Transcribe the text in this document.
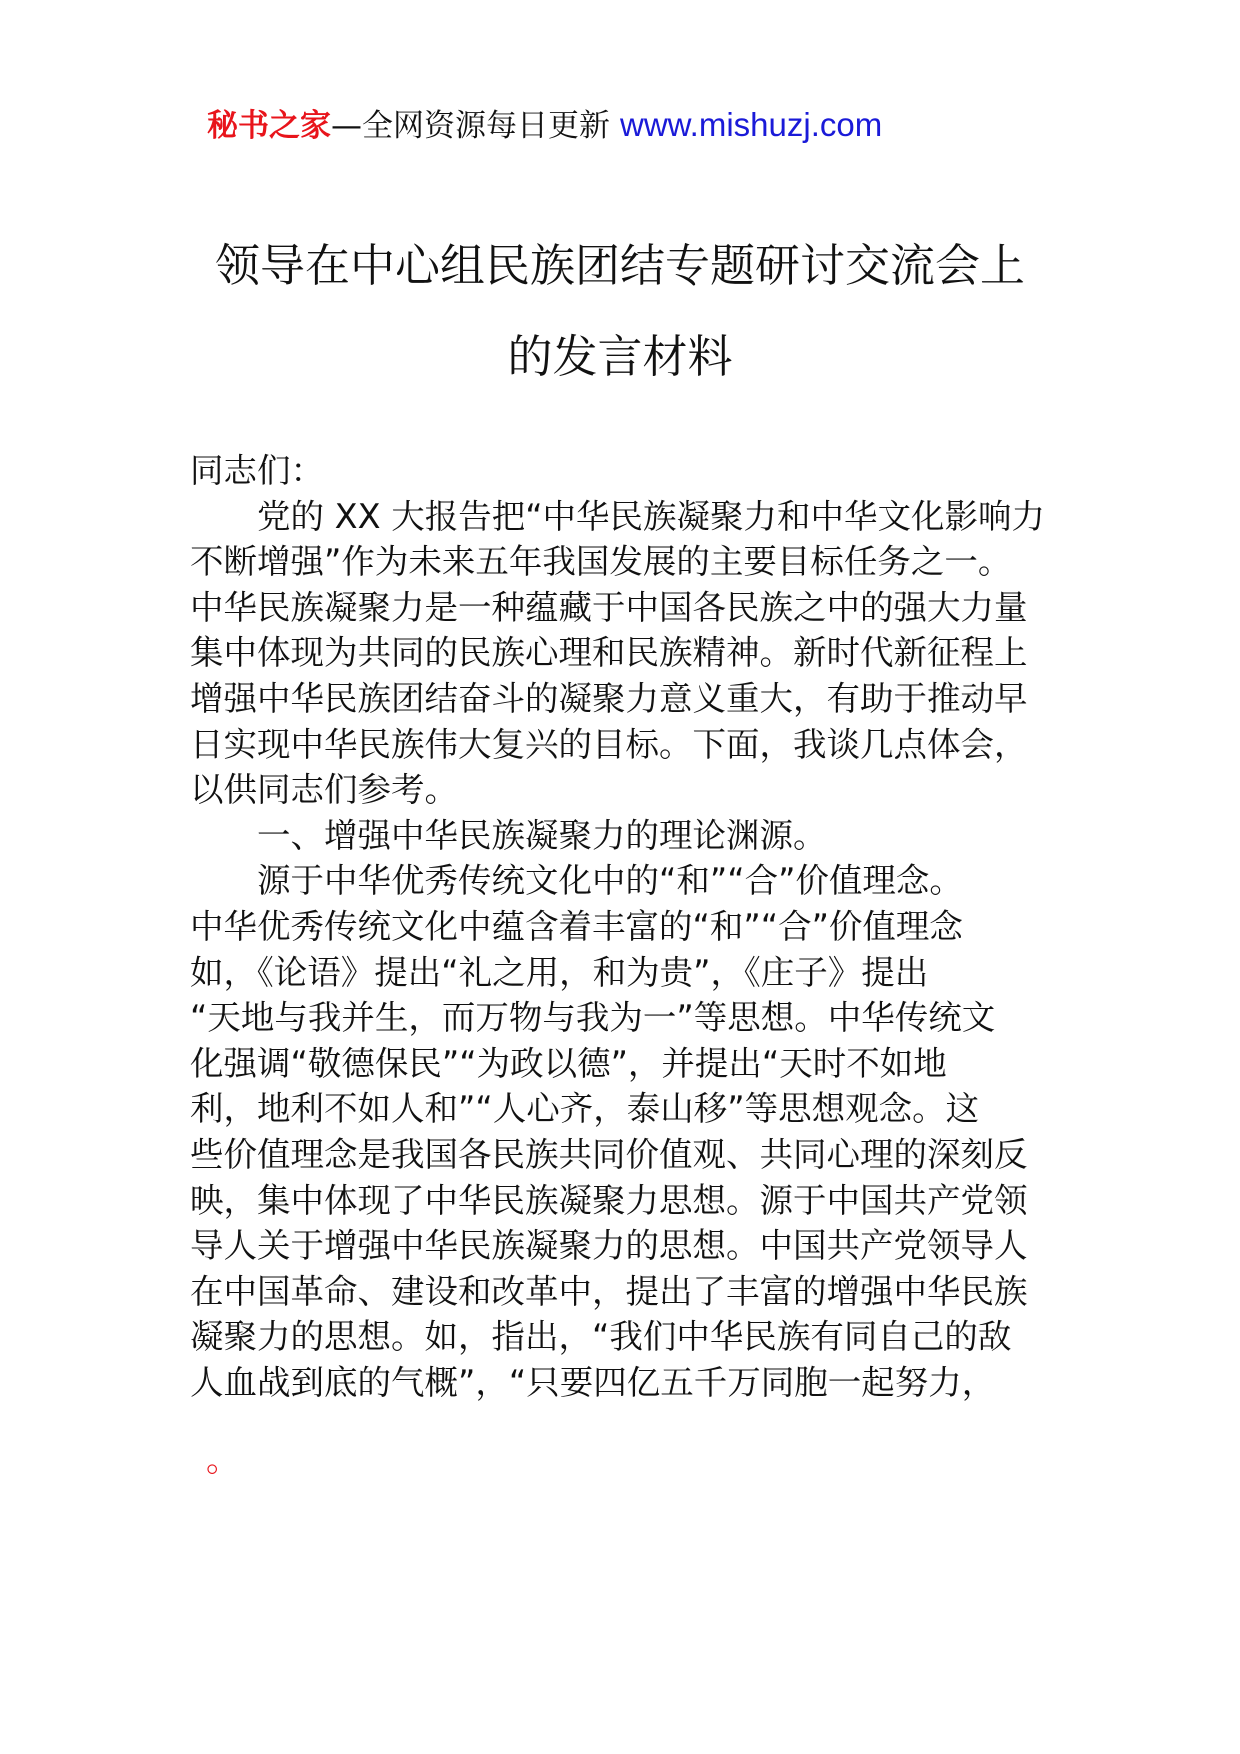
秘书之家—全网资源每日更新 www.mishuzj.com
领导在中心组民族团结专题研讨交流会上
的发言材料
同志们：
党的 XX 大报告把“中华民族凝聚力和中华文化影响力
不断增强”作为未来五年我国发展的主要目标任务之一。
中华民族凝聚力是一种蕴藏于中国各民族之中的强大力量
集中体现为共同的民族心理和民族精神。新时代新征程上
增强中华民族团结奋斗的凝聚力意义重大，有助于推动早
日实现中华民族伟大复兴的目标。下面，我谈几点体会，
以供同志们参考。
一、增强中华民族凝聚力的理论渊源。
源于中华优秀传统文化中的“和”“合”价值理念。
中华优秀传统文化中蕴含着丰富的“和”“合”价值理念
如，《论语》提出“礼之用，和为贵”，《庄子》提出
“天地与我并生，而万物与我为一”等思想。中华传统文
化强调“敬德保民”“为政以德”，并提出“天时不如地
利，地利不如人和”“人心齐，泰山移”等思想观念。这
些价值理念是我国各民族共同价值观、共同心理的深刻反
映，集中体现了中华民族凝聚力思想。源于中国共产党领
导人关于增强中华民族凝聚力的思想。中国共产党领导人
在中国革命、建设和改革中，提出了丰富的增强中华民族
凝聚力的思想。如，指出，“我们中华民族有同自己的敌
人血战到底的气概”，“只要四亿五千万同胞一起努力，
。
